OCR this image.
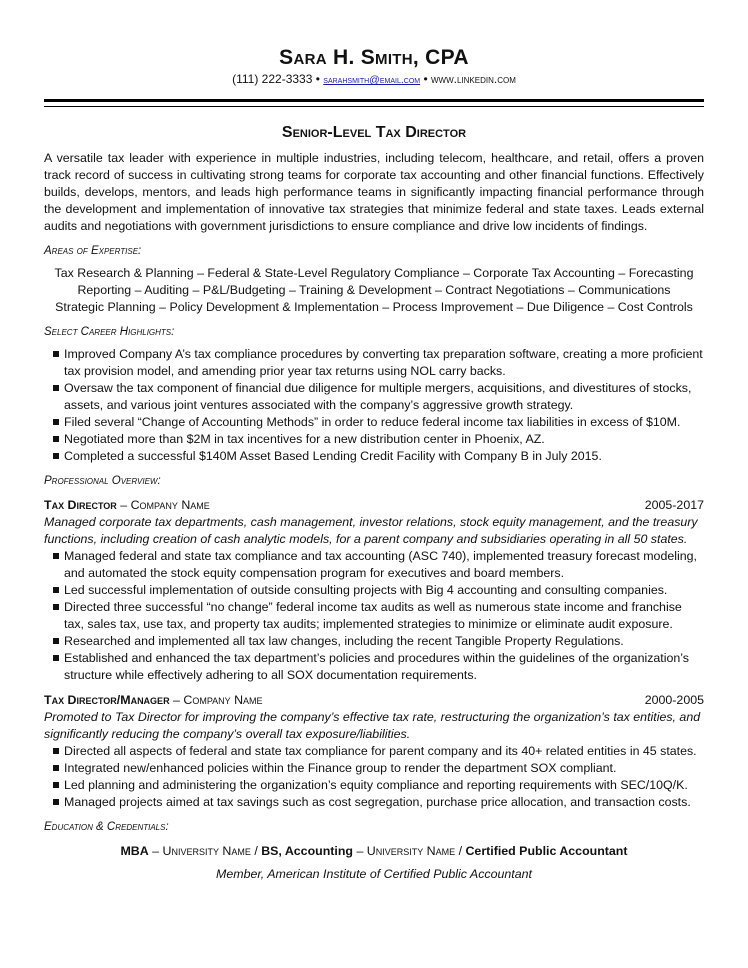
Sara H. Smith, CPA
(111) 222-3333 • sarahsmith@email.com • www.linkedin.com
Senior-Level Tax Director

A versatile tax leader with experience in multiple industries, including telecom, healthcare, and retail, offers a proven track record of success in cultivating strong teams for corporate tax accounting and other financial functions. Effectively builds, develops, mentors, and leads high performance teams in significantly impacting financial performance through the development and implementation of innovative tax strategies that minimize federal and state taxes. Leads external audits and negotiations with government jurisdictions to ensure compliance and drive low incidents of findings.

Areas of Expertise:
Tax Research & Planning – Federal & State-Level Regulatory Compliance – Corporate Tax Accounting – Forecasting
Reporting – Auditing – P&L/Budgeting – Training & Development – Contract Negotiations – Communications
Strategic Planning – Policy Development & Implementation – Process Improvement – Due Diligence – Cost Controls
Select Career Highlights:
Improved Company A’s tax compliance procedures by converting tax preparation software, creating a more proficient tax provision model, and amending prior year tax returns using NOL carry backs.
Oversaw the tax component of financial due diligence for multiple mergers, acquisitions, and divestitures of stocks, assets, and various joint ventures associated with the company’s aggressive growth strategy.
Filed several “Change of Accounting Methods” in order to reduce federal income tax liabilities in excess of $10M.
Negotiated more than $2M in tax incentives for a new distribution center in Phoenix, AZ.
Completed a successful $140M Asset Based Lending Credit Facility with Company B in July 2015.
Professional Overview:
Tax Director – Company Name	2005-2017

Managed corporate tax departments, cash management, investor relations, stock equity management, and the treasury functions, including creation of cash analytic models, for a parent company and subsidiaries operating in all 50 states.

Managed federal and state tax compliance and tax accounting (ASC 740), implemented treasury forecast modeling, and automated the stock equity compensation program for executives and board members.
Led successful implementation of outside consulting projects with Big 4 accounting and consulting companies.
Directed three successful “no change” federal income tax audits as well as numerous state income and franchise tax, sales tax, use tax, and property tax audits; implemented strategies to minimize or eliminate audit exposure.
Researched and implemented all tax law changes, including the recent Tangible Property Regulations.
Established and enhanced the tax department’s policies and procedures within the guidelines of the organization’s structure while effectively adhering to all SOX documentation requirements.
Tax Director/Manager – Company Name	2000-2005

Promoted to Tax Director for improving the company’s effective tax rate, restructuring the organization’s tax entities, and significantly reducing the company’s overall tax exposure/liabilities.

Directed all aspects of federal and state tax compliance for parent company and its 40+ related entities in 45 states.
Integrated new/enhanced policies within the Finance group to render the department SOX compliant.
Led planning and administering the organization’s equity compliance and reporting requirements with SEC/10Q/K.
Managed projects aimed at tax savings such as cost segregation, purchase price allocation, and transaction costs.
Education & Credentials:
MBA – University Name / BS, Accounting – University Name / Certified Public Accountant
Member, American Institute of Certified Public Accountant
